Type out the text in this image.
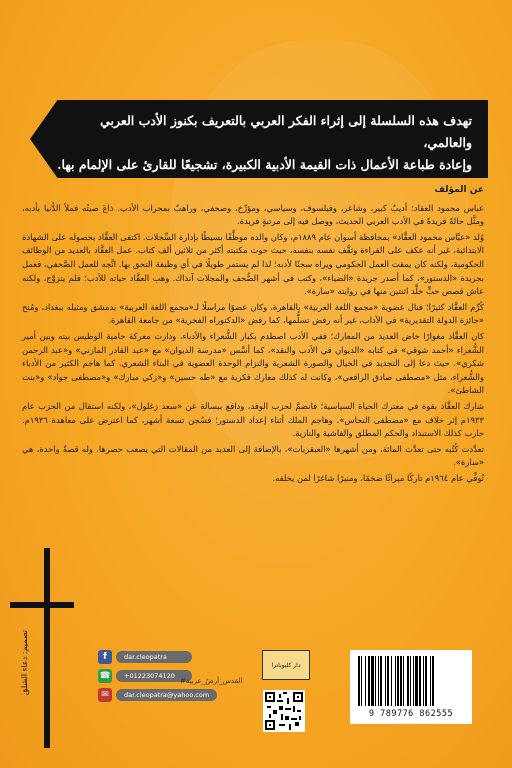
تهدف هذه السلسلة إلى إثراء الفكر العربي بالتعريف بكنوز الأدب العربي والعالمي،
وإعادة طباعة الأعمال ذات القيمة الأدبية الكبيرة، تشجيعًا للقارئ على الإلمام بها.

عن المؤلف

عباس محمود العقاد: أديبٌ كبير، وشاعر، وفيلسوف، وسياسي، ومؤرِّخ، وصحفي، وراهبٌ بمحراب الأدب. ذاعَ صيتُه فملأ الدُّنيا بأدبه، ومثَّل حالةً فريدةً في الأدب العربي الحديث، ووصل فيه إلى مرتبةٍ فريدة.

وُلد «عبَّاس محمود العقَّاد» بمحافظة أسوان عام ١٨٨٩م، وكان والده موظَّفًا بسيطًا بإدارة السِّجلات. اكتفى العقَّاد بحصوله على الشهادة الابتدائية، غير أنه عكف على القراءة وثقَّف نفسه بنفسه، حيث حوت مكتبته أكثر من ثلاثين ألف كتاب. عمل العقَّاد بالعديد من الوظائف الحكومية، ولكنه كان يمقت العمل الحكومي ويراه سجنًا لأدبه؛ لذا لم يستمر طويلًا في أي وظيفة التحق بها. اتَّجه للعمل الصَّحفي، فعمل بجريدة «الدستور»، كما أصدر جريدة «الضياء»، وكتب في أشهر الصُّحف والمجلات آنذاك. وهب العقَّاد حياته للأدب؛ فلم يتزوَّج، ولكنه عاش قصص حبٍّ خلَّد اثنتين منها في روايته «سارة».

كُرِّم العقَّاد كثيرًا؛ فنال عضوية «مجمع اللغة العربية» بالقاهرة، وكان عضوًا مراسلًا لـ«مجمع اللغة العربية» بدمشق ومثيله ببغداد، ومُنح «جائزة الدولة التقديرية» في الآداب، غير أنه رفض تسلُّمها، كما رفض «الدكتوراه الفخرية» من جامعة القاهرة.

كان العقَّاد مغوارًا خاض العديد من المعارك؛ ففي الأدب اصطدم بكبار الشُّعراء والأدباء، ودارت معركة حامية الوطيس بينه وبين أمير الشُّعراء «أحمد شوقي» في كتابه «الديوان في الأدب والنقد»، كما أسَّس «مدرسة الديوان» مع «عبد القادر المازني» و«عبد الرحمن شكري». حيث دعا إلى التجديد في الخيال والصورة الشعرية والتزام الوحدة العضوية في البناء الشعري. كما هاجم الكثير من الأدباء والشُّعراء، مثل «مصطفى صادق الرافعي»، وكانت له كذلك معارك فكرية مع «طه حسين» و«زكي مبارك» و«مصطفى جواد» و«بنت الشاطئ».

شارك العقَّاد بقوة في معترك الحياة السياسية؛ فانضمَّ لحزب الوفد، ودافع ببسالة عن «سعد زغلول»، ولكنه استقال من الحزب عام ١٩٣٣م إثر خلاف مع «مصطفى النحاس». وهاجم الملك أثناء إعداد الدستور؛ فسُجن تسعة أشهر، كما اعترض على معاهدة ١٩٣٦م. حارب كذلك الاستبداد والحكم المطلق والفاشية والنازية.

تعدَّدت كُتُبه حتى تعدَّت المائة، ومن أشهرها «العبقريات»، بالإضافة إلى العديد من المقالات التي يصعب حصرها. وله قصةٌ واحدة، هي «سارة».

تُوفِّي عام ١٩٦٤م تاركًا ميراثًا ضخمًا، ومنبرًا شاغرًا لمن يخلفه.

تصميم: دعاء الشلق	f	dar.cleopatra
☎	+01223074120
✉	dar.cleopatra@yahoo.com
دار كليوباترا
#القدس_أرضٌ_عربية
9 789776 862555
